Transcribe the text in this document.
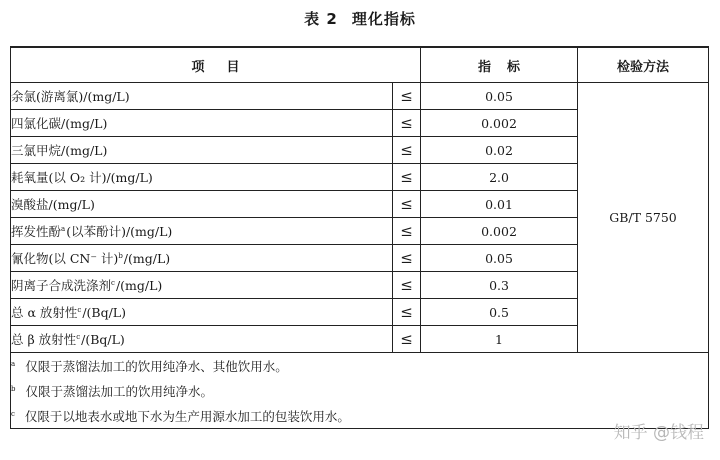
表 2 理化指标
项目		指标	检验方法
余氯(游离氯)/(mg/L)	≤	0.05	GB/T 5750
四氯化碳/(mg/L)	≤	0.002	
三氯甲烷/(mg/L)	≤	0.02	
耗氧量(以 O₂ 计)/(mg/L)	≤	2.0	
溴酸盐/(mg/L)	≤	0.01	
挥发性酚$^a$(以苯酚计)/(mg/L)	≤	0.002	
氰化物(以 CN⁻ 计)$^b$/(mg/L)	≤	0.05	
阴离子合成洗涤剂$^c$/(mg/L)	≤	0.3	
总 α 放射性$^c$/(Bq/L)	≤	0.5	
总 β 放射性$^c$/(Bq/L)	≤	1	

$^a$ 仅限于蒸馏法加工的饮用纯净水、其他饮用水。
$^b$ 仅限于蒸馏法加工的饮用纯净水。
$^c$ 仅限于以地表水或地下水为生产用源水加工的包装饮用水。			
知乎 @钱程
